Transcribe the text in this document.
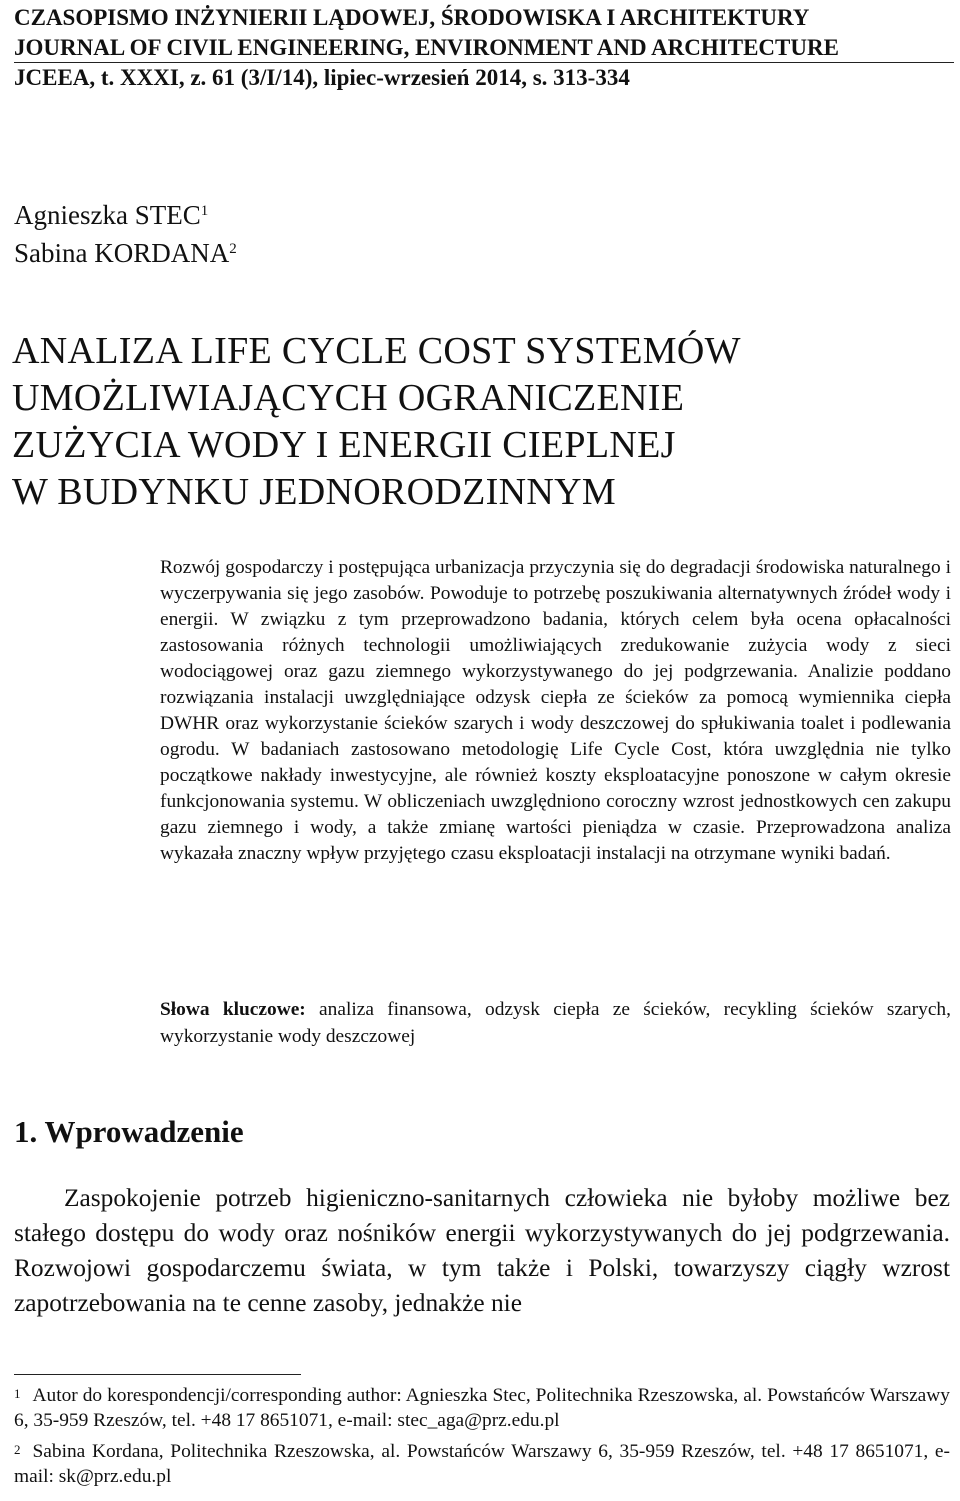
CZASOPISMO INŻYNIERII LĄDOWEJ, ŚRODOWISKA I ARCHITEKTURY
JOURNAL OF CIVIL ENGINEERING, ENVIRONMENT AND ARCHITECTURE
JCEEA, t. XXXI, z. 61 (3/I/14), lipiec-wrzesień 2014, s. 313-334
Agnieszka STEC$^1$
Sabina KORDANA$^2$
ANALIZA LIFE CYCLE COST SYSTEMÓW
UMOŻLIWIAJĄCYCH OGRANICZENIE
ZUŻYCIA WODY I ENERGII CIEPLNEJ
W BUDYNKU JEDNORODZINNYM

Rozwój gospodarczy i postępująca urbanizacja przyczynia się do degradacji środowiska naturalnego i wyczerpywania się jego zasobów. Powoduje to potrzebę poszukiwania alternatywnych źródeł wody i energii. W związku z tym przeprowadzono badania, których celem była ocena opłacalności zastosowania różnych technologii umożliwiających zredukowanie zużycia wody z sieci wodociągowej oraz gazu ziemnego wykorzystywanego do jej podgrzewania. Analizie poddano rozwiązania instalacji uwzględniające odzysk ciepła ze ścieków za pomocą wymiennika ciepła DWHR oraz wykorzystanie ścieków szarych i wody deszczowej do spłukiwania toalet i podlewania ogrodu. W badaniach zastosowano metodologię Life Cycle Cost, która uwzględnia nie tylko początkowe nakłady inwestycyjne, ale również koszty eksploatacyjne ponoszone w całym okresie funkcjonowania systemu. W obliczeniach uwzględniono coroczny wzrost jednostkowych cen zakupu gazu ziemnego i wody, a także zmianę wartości pieniądza w czasie. Przeprowadzona analiza wykazała znaczny wpływ przyjętego czasu eksploatacji instalacji na otrzymane wyniki badań.

Słowa kluczowe: analiza finansowa, odzysk ciepła ze ścieków, recykling ścieków szarych, wykorzystanie wody deszczowej

1. Wprowadzenie

Zaspokojenie potrzeb higieniczno-sanitarnych człowieka nie byłoby możliwe bez stałego dostępu do wody oraz nośników energii wykorzystywanych do jej podgrzewania. Rozwojowi gospodarczemu świata, w tym także i Polski, towarzyszy ciągły wzrost zapotrzebowania na te cenne zasoby, jednakże nie

$^1$ Autor do korespondencji/corresponding author: Agnieszka Stec, Politechnika Rzeszowska, al. Powstańców Warszawy 6, 35-959 Rzeszów, tel. +48 17 8651071, e-mail: stec_aga@prz.edu.pl

$^2$ Sabina Kordana, Politechnika Rzeszowska, al. Powstańców Warszawy 6, 35-959 Rzeszów, tel. +48 17 8651071, e-mail: sk@prz.edu.pl
